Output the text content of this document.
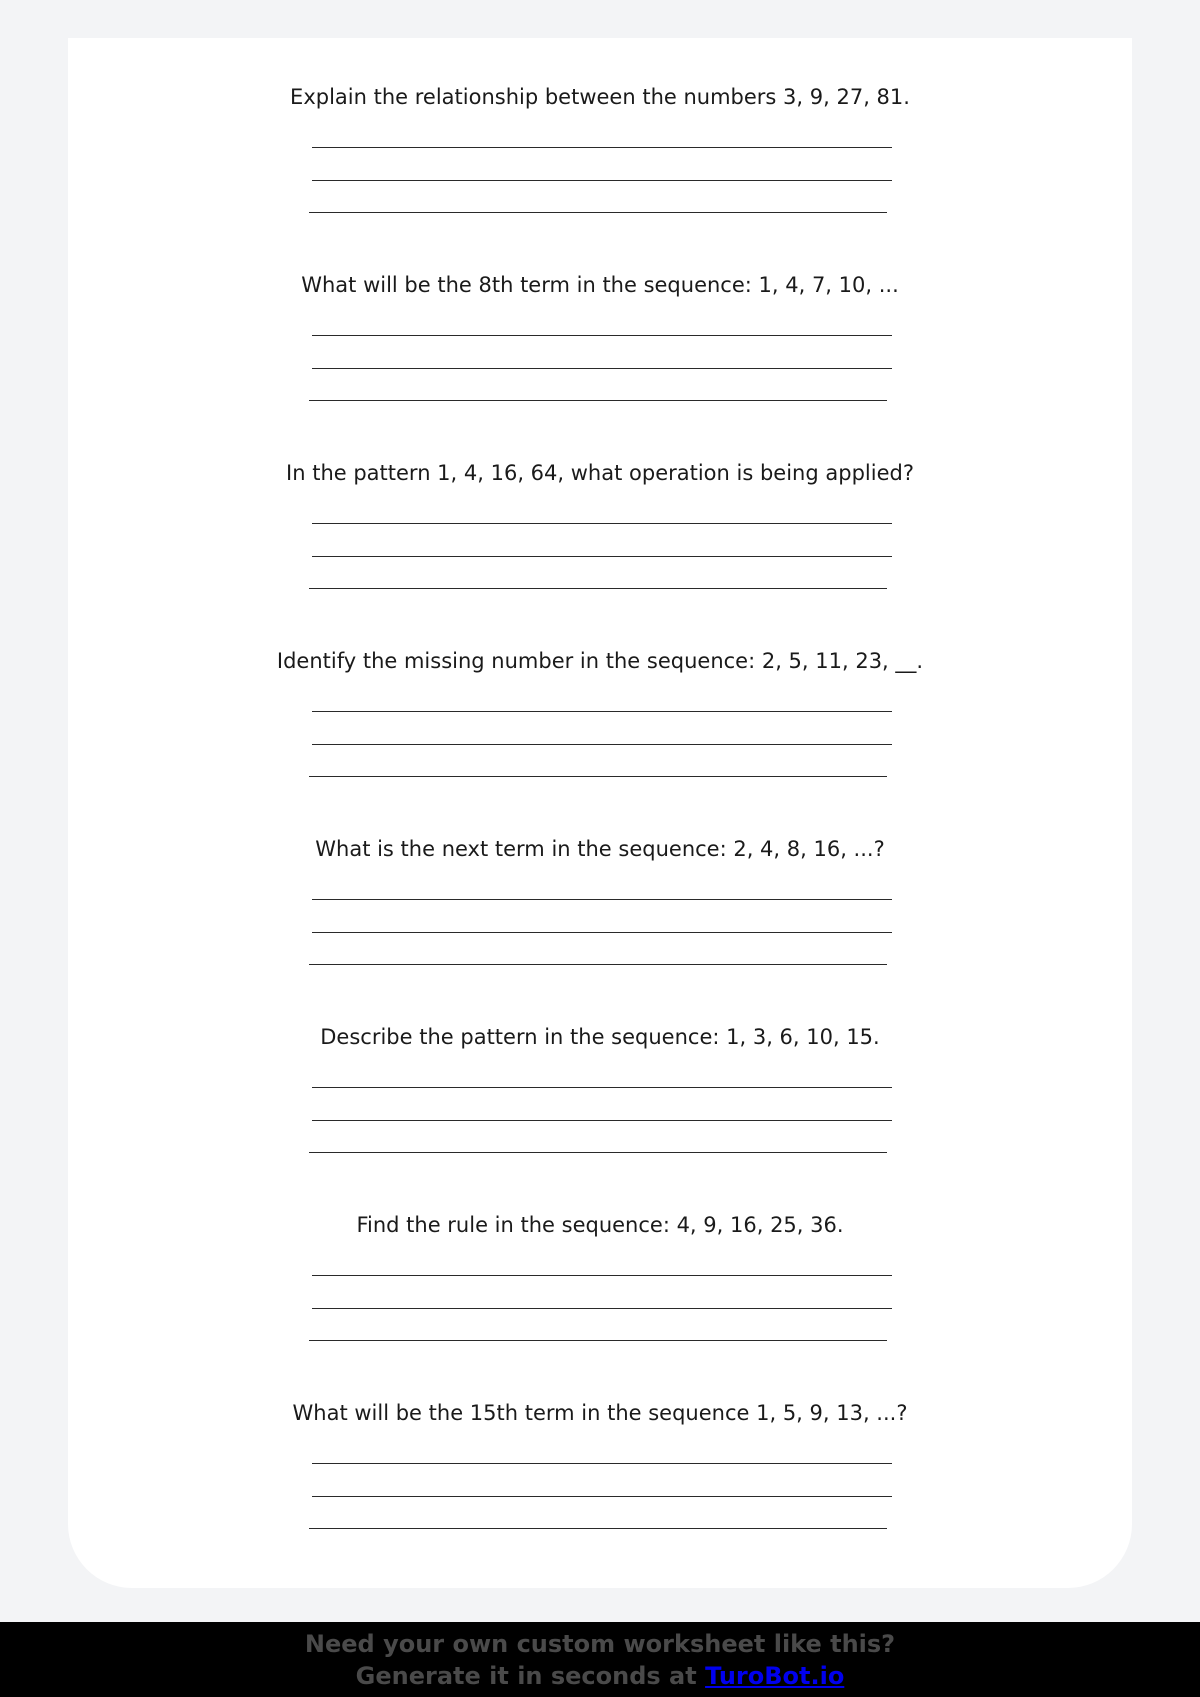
Explain the relationship between the numbers 3, 9, 27, 81.
What will be the 8th term in the sequence: 1, 4, 7, 10, ...
In the pattern 1, 4, 16, 64, what operation is being applied?
Identify the missing number in the sequence: 2, 5, 11, 23, __.
What is the next term in the sequence: 2, 4, 8, 16, ...?
Describe the pattern in the sequence: 1, 3, 6, 10, 15.
Find the rule in the sequence: 4, 9, 16, 25, 36.
What will be the 15th term in the sequence 1, 5, 9, 13, ...?
Need your own custom worksheet like this?
Generate it in seconds at TuroBot.io
